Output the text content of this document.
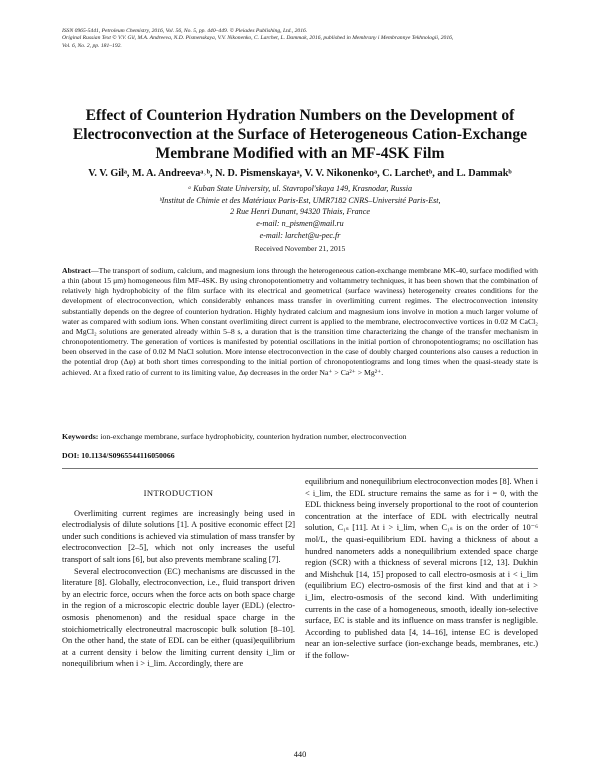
ISSN 0965-5441, Petroleum Chemistry, 2016, Vol. 56, No. 5, pp. 440–449. © Pleiades Publishing, Ltd., 2016.
Original Russian Text © V.V. Gil, M.A. Andreeva, N.D. Pismenskaya, V.V. Nikonenko, C. Larchet, L. Dammak, 2016, published in Membrany i Membrannye Tekhnologii, 2016,
Vol. 6, No. 2, pp. 181–192.
Effect of Counterion Hydration Numbers on the Development of Electroconvection at the Surface of Heterogeneous Cation-Exchange Membrane Modified with an MF-4SK Film
V. V. Gilᵃ, M. A. Andreevaᵃ˒ᵇ, N. D. Pismenskayaᵃ, V. V. Nikonenkoᵃ, C. Larchetᵇ, and L. Dammakᵇ
ᵃ Kuban State University, ul. Stavropol'skaya 149, Krasnodar, Russia
ᵇInstitut de Chimie et des Matériaux Paris-Est, UMR7182 CNRS–Université Paris-Est,
2 Rue Henri Dunant, 94320 Thiais, France
e-mail: n_pismen@mail.ru
e-mail: larchet@u-pec.fr
Received November 21, 2015
Abstract—The transport of sodium, calcium, and magnesium ions through the heterogeneous cation-exchange membrane MK-40, surface modified with a thin (about 15 μm) homogeneous film MF-4SK. By using chronopotentiometry and voltammetry techniques, it has been shown that the combination of relatively high hydrophobicity of the film surface with its electrical and geometrical (surface waviness) heterogeneity creates conditions for the development of electroconvection, which considerably enhances mass transfer in overlimiting current regimes. The electroconvection intensity substantially depends on the degree of counterion hydration. Highly hydrated calcium and magnesium ions involve in motion a much larger volume of water as compared with sodium ions. When constant overlimiting direct current is applied to the membrane, electroconvective vortices in 0.02 M CaCl₂ and MgCl₂ solutions are generated already within 5–8 s, a duration that is the transition time characterizing the change of the transfer mechanism in chronopotentiometry. The generation of vortices is manifested by potential oscillations in the initial portion of chronopotentiograms; no oscillation has been observed in the case of 0.02 M NaCl solution. More intense electroconvection in the case of doubly charged counterions also causes a reduction in the potential drop (Δφ) at both short times corresponding to the initial portion of chronopotentiograms and long times when the quasi-steady state is achieved. At a fixed ratio of current to its limiting value, Δφ decreases in the order Na⁺ > Ca²⁺ > Mg²⁺.
Keywords: ion-exchange membrane, surface hydrophobicity, counterion hydration number, electroconvection
DOI: 10.1134/S0965544116050066
INTRODUCTION

Overlimiting current regimes are increasingly being used in electrodialysis of dilute solutions [1]. A positive economic effect [2] under such conditions is achieved via stimulation of mass transfer by electroconvection [2–5], which not only increases the useful transport of salt ions [6], but also prevents membrane scaling [7].

Several electroconvection (EC) mechanisms are discussed in the literature [8]. Globally, electroconvection, i.e., fluid transport driven by an electric force, occurs when the force acts on both space charge in the region of a microscopic electric double layer (EDL) (electro-osmosis phenomenon) and the residual space charge in the stoichiometrically electroneutral macroscopic bulk solution [8–10]. On the other hand, the state of EDL can be either (quasi)equilibrium at a current density i below the limiting current density i_lim or nonequilibrium when i > i_lim. Accordingly, there are

equilibrium and nonequilibrium electroconvection modes [8]. When i < i_lim, the EDL structure remains the same as for i = 0, with the EDL thickness being inversely proportional to the root of counterion concentration at the interface of EDL with electrically neutral solution, C₁ₛ [11]. At i > i_lim, when C₁ₛ is on the order of 10⁻⁶ mol/L, the quasi-equilibrium EDL having a thickness of about a hundred nanometers adds a nonequilibrium extended space charge region (SCR) with a thickness of several microns [12, 13]. Dukhin and Mishchuk [14, 15] proposed to call electro-osmosis at i < i_lim (equilibrium EC) electro-osmosis of the first kind and that at i > i_lim, electro-osmosis of the second kind. With underlimiting currents in the case of a homogeneous, smooth, ideally ion-selective surface, EC is stable and its influence on mass transfer is negligible. According to published data [4, 14–16], intense EC is developed near an ion-selective surface (ion-exchange beads, membranes, etc.) if the follow-

440
